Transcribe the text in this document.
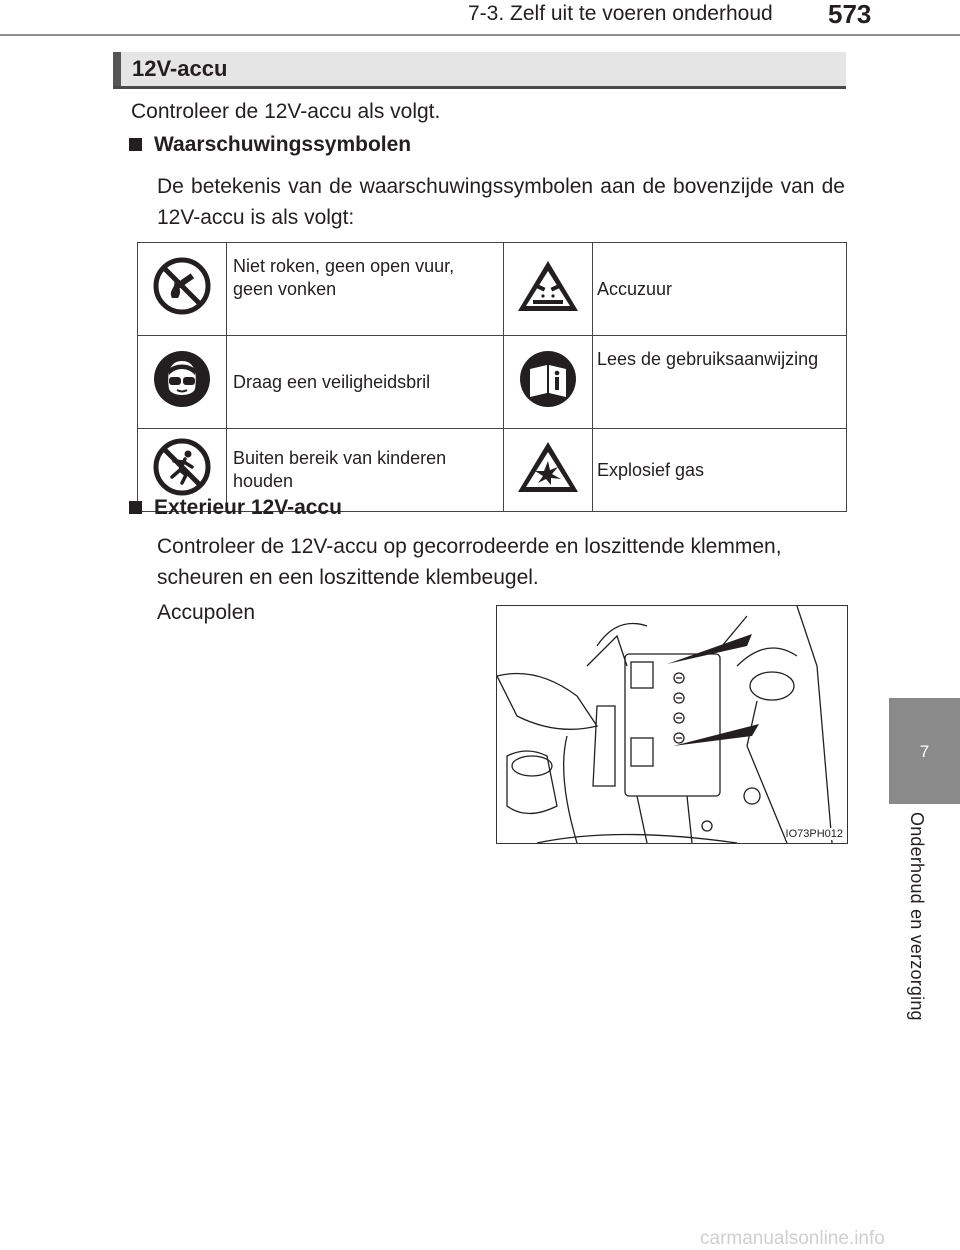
7-3. Zelf uit te voeren onderhoud 573
12V-accu
Controleer de 12V-accu als volgt.
Waarschuwingssymbolen
De betekenis van de waarschuwingssymbolen aan de bovenzijde van de 12V-accu is als volgt:
	Niet roken, geen open vuur, geen vonken		Accuzuur
	Draag een veiligheidsbril		Lees de gebruiksaanwijzing
	Buiten bereik van kinderen houden		Explosief gas
Exterieur 12V-accu
Controleer de 12V-accu op gecorrodeerde en loszittende klemmen, scheuren en een loszittende klembeugel.
Accupolen
IO73PH012
7
Onderhoud en verzorging
carmanualsonline.info
